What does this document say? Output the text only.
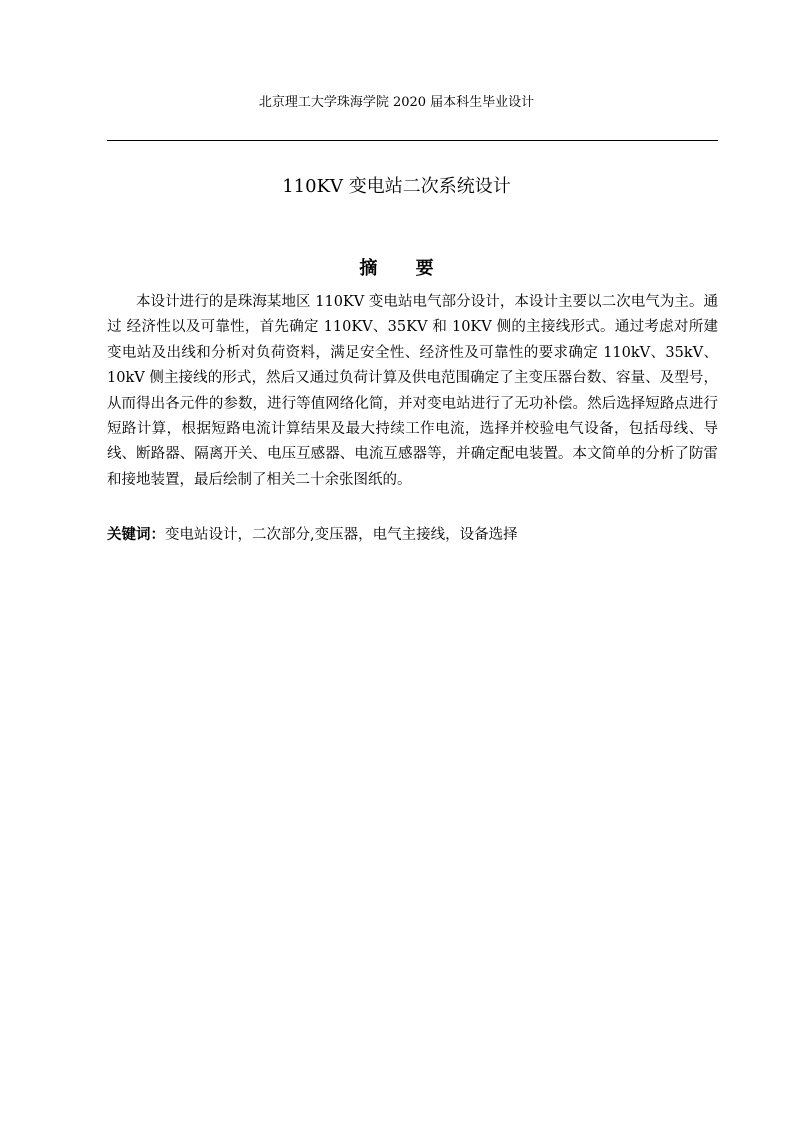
北京理工大学珠海学院 2020 届本科生毕业设计
110KV 变电站二次系统设计
摘 要

本设计进行的是珠海某地区 110KV 变电站电气部分设计，本设计主要以二次电气为主。通过 经济性以及可靠性，首先确定 110KV、35KV 和 10KV 侧的主接线形式。通过考虑对所建变电站及出线和分析对负荷资料，满足安全性、经济性及可靠性的要求确定 110kV、35kV、10kV 侧主接线的形式，然后又通过负荷计算及供电范围确定了主变压器台数、容量、及型号，从而得出各元件的参数，进行等值网络化简，并对变电站进行了无功补偿。然后选择短路点进行短路计算，根据短路电流计算结果及最大持续工作电流，选择并校验电气设备，包括母线、导线、断路器、隔离开关、电压互感器、电流互感器等，并确定配电装置。本文简单的分析了防雷和接地装置，最后绘制了相关二十余张图纸的。

关键词：变电站设计，二次部分,变压器，电气主接线，设备选择
